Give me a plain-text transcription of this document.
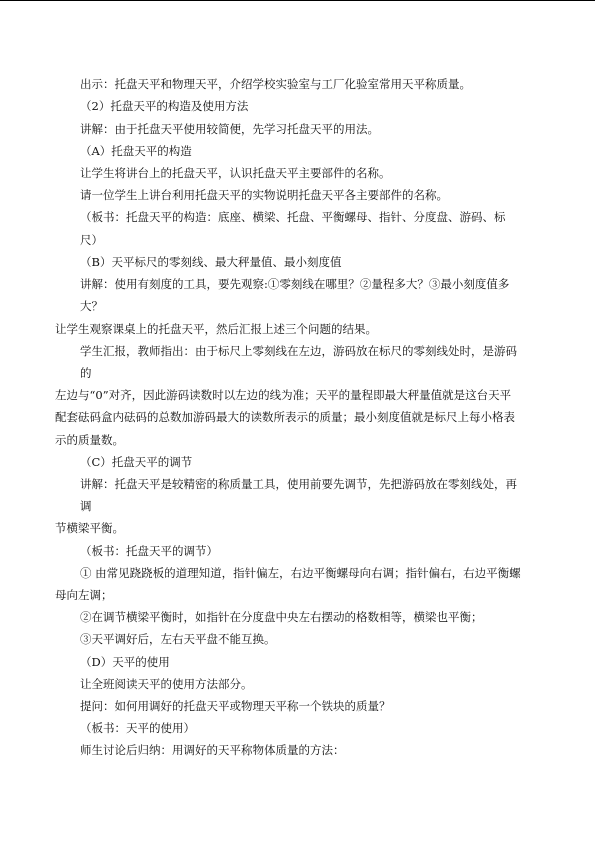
出示：托盘天平和物理天平，介绍学校实验室与工厂化验室常用天平称质量。

（2）托盘天平的构造及使用方法

讲解：由于托盘天平使用较简便，先学习托盘天平的用法。

（A）托盘天平的构造

让学生将讲台上的托盘天平，认识托盘天平主要部件的名称。

请一位学生上讲台利用托盘天平的实物说明托盘天平各主要部件的名称。

（板书：托盘天平的构造：底座、横梁、托盘、平衡螺母、指针、分度盘、游码、标

尺）

（B）天平标尺的零刻线、最大秤量值、最小刻度值

讲解：使用有刻度的工具，要先观察:①零刻线在哪里？②量程多大？③最小刻度值多

大？

让学生观察课桌上的托盘天平，然后汇报上述三个问题的结果。

学生汇报，教师指出：由于标尺上零刻线在左边，游码放在标尺的零刻线处时，是游码

的

左边与“0”对齐，因此游码读数时以左边的线为准；天平的量程即最大秤量值就是这台天平

配套砝码盒内砝码的总数加游码最大的读数所表示的质量；最小刻度值就是标尺上每小格表

示的质量数。

（C）托盘天平的调节

讲解：托盘天平是较精密的称质量工具，使用前要先调节，先把游码放在零刻线处，再

调

节横梁平衡。

（板书：托盘天平的调节）

① 由常见跷跷板的道理知道，指针偏左，右边平衡螺母向右调；指针偏右，右边平衡螺

母向左调；

②在调节横梁平衡时，如指针在分度盘中央左右摆动的格数相等，横梁也平衡；

③天平调好后，左右天平盘不能互换。

（D）天平的使用

让全班阅读天平的使用方法部分。

提问：如何用调好的托盘天平或物理天平称一个铁块的质量？

（板书：天平的使用）

师生讨论后归纳：用调好的天平称物体质量的方法：
